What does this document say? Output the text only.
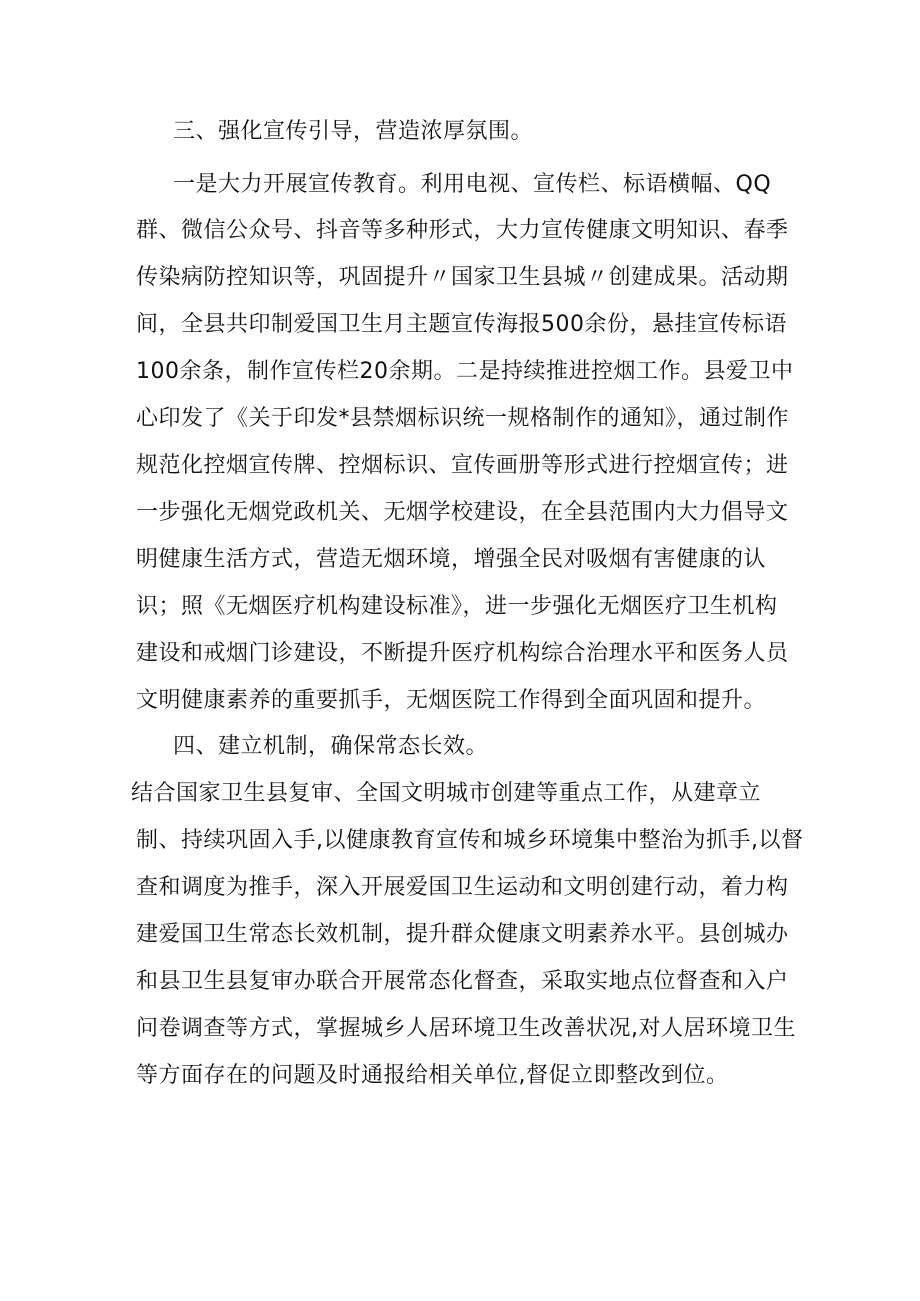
三、强化宣传引导，营造浓厚氛围。

一是大力开展宣传教育。利用电视、宣传栏、标语横幅、QQ

群、微信公众号、抖音等多种形式，大力宣传健康文明知识、春季

传染病防控知识等，巩固提升〃国家卫生县城〃创建成果。活动期

间，全县共印制爱国卫生月主题宣传海报500余份，悬挂宣传标语

100余条，制作宣传栏20余期。二是持续推进控烟工作。县爱卫中

心印发了《关于印发*县禁烟标识统一规格制作的通知》，通过制作

规范化控烟宣传牌、控烟标识、宣传画册等形式进行控烟宣传；进

一步强化无烟党政机关、无烟学校建设，在全县范围内大力倡导文

明健康生活方式，营造无烟环境，增强全民对吸烟有害健康的认

识；照《无烟医疗机构建设标准》，进一步强化无烟医疗卫生机构

建设和戒烟门诊建设，不断提升医疗机构综合治理水平和医务人员

文明健康素养的重要抓手，无烟医院工作得到全面巩固和提升。

四、建立机制，确保常态长效。

结合国家卫生县复审、全国文明城市创建等重点工作，从建章立

制、持续巩固入手,以健康教育宣传和城乡环境集中整治为抓手,以督

查和调度为推手，深入开展爱国卫生运动和文明创建行动，着力构

建爱国卫生常态长效机制，提升群众健康文明素养水平。县创城办

和县卫生县复审办联合开展常态化督查，采取实地点位督查和入户

问卷调查等方式，掌握城乡人居环境卫生改善状况,对人居环境卫生

等方面存在的问题及时通报给相关单位,督促立即整改到位。
